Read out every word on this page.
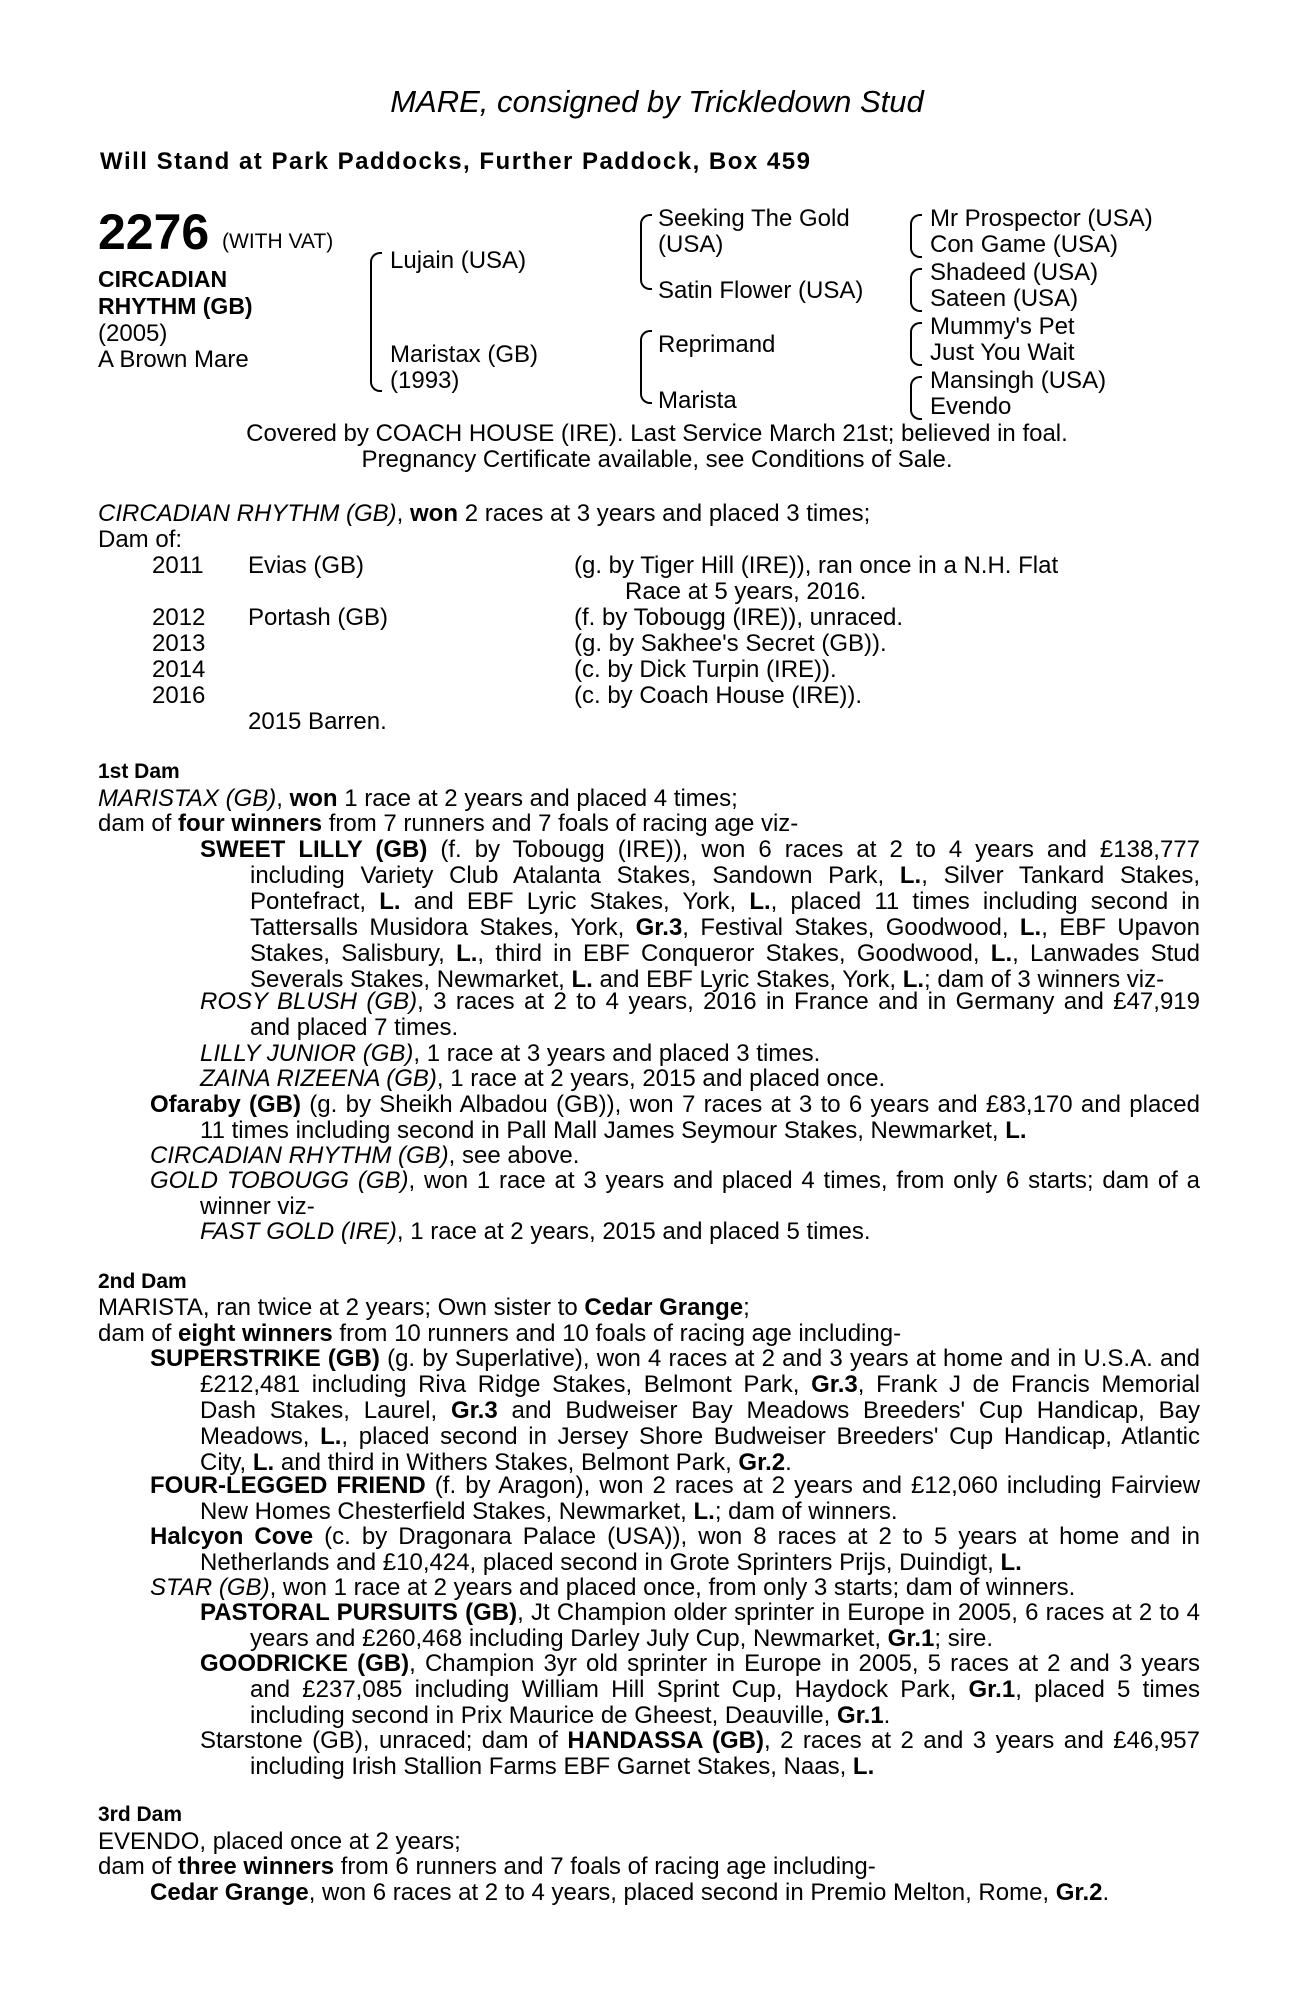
MARE, consigned by Trickledown Stud
Will Stand at Park Paddocks, Further Paddock, Box 459
2276 (WITH VAT)
CIRCADIAN
RHYTHM (GB)
(2005)
A Brown Mare
Lujain (USA)
Maristax (GB)
(1993)
Seeking The Gold
(USA)
Satin Flower (USA)
Reprimand
Marista
Mr Prospector (USA)
Con Game (USA)
Shadeed (USA)
Sateen (USA)
Mummy's Pet
Just You Wait
Mansingh (USA)
Evendo
Covered by COACH HOUSE (IRE). Last Service March 21st; believed in foal.
Pregnancy Certificate available, see Conditions of Sale.
CIRCADIAN RHYTHM (GB), won 2 races at 3 years and placed 3 times;
Dam of:
2011 Evias (GB)	(g. by Tiger Hill (IRE)), ran once in a N.H. Flat
Race at 5 years, 2016.
2012 Portash (GB)	(f. by Tobougg (IRE)), unraced.
2013	(g. by Sakhee's Secret (GB)).
2014	(c. by Dick Turpin (IRE)).
2016	(c. by Coach House (IRE)).
2015 Barren.
1st Dam
MARISTAX (GB), won 1 race at 2 years and placed 4 times;
dam of four winners from 7 runners and 7 foals of racing age viz-
SWEET LILLY (GB) (f. by Tobougg (IRE)), won 6 races at 2 to 4 years and £138,777 including Variety Club Atalanta Stakes, Sandown Park, L., Silver Tankard Stakes, Pontefract, L. and EBF Lyric Stakes, York, L., placed 11 times including second in Tattersalls Musidora Stakes, York, Gr.3, Festival Stakes, Goodwood, L., EBF Upavon Stakes, Salisbury, L., third in EBF Conqueror Stakes, Goodwood, L., Lanwades Stud Severals Stakes, Newmarket, L. and EBF Lyric Stakes, York, L.; dam of 3 winners viz-
ROSY BLUSH (GB), 3 races at 2 to 4 years, 2016 in France and in Germany and £47,919 and placed 7 times.
LILLY JUNIOR (GB), 1 race at 3 years and placed 3 times.
ZAINA RIZEENA (GB), 1 race at 2 years, 2015 and placed once.
Ofaraby (GB) (g. by Sheikh Albadou (GB)), won 7 races at 3 to 6 years and £83,170 and placed 11 times including second in Pall Mall James Seymour Stakes, Newmarket, L.
CIRCADIAN RHYTHM (GB), see above.
GOLD TOBOUGG (GB), won 1 race at 3 years and placed 4 times, from only 6 starts; dam of a winner viz-
FAST GOLD (IRE), 1 race at 2 years, 2015 and placed 5 times.
2nd Dam
MARISTA, ran twice at 2 years; Own sister to Cedar Grange;
dam of eight winners from 10 runners and 10 foals of racing age including-
SUPERSTRIKE (GB) (g. by Superlative), won 4 races at 2 and 3 years at home and in U.S.A. and £212,481 including Riva Ridge Stakes, Belmont Park, Gr.3, Frank J de Francis Memorial Dash Stakes, Laurel, Gr.3 and Budweiser Bay Meadows Breeders' Cup Handicap, Bay Meadows, L., placed second in Jersey Shore Budweiser Breeders' Cup Handicap, Atlantic City, L. and third in Withers Stakes, Belmont Park, Gr.2.
FOUR-LEGGED FRIEND (f. by Aragon), won 2 races at 2 years and £12,060 including Fairview New Homes Chesterfield Stakes, Newmarket, L.; dam of winners.
Halcyon Cove (c. by Dragonara Palace (USA)), won 8 races at 2 to 5 years at home and in Netherlands and £10,424, placed second in Grote Sprinters Prijs, Duindigt, L.
STAR (GB), won 1 race at 2 years and placed once, from only 3 starts; dam of winners.
PASTORAL PURSUITS (GB), Jt Champion older sprinter in Europe in 2005, 6 races at 2 to 4 years and £260,468 including Darley July Cup, Newmarket, Gr.1; sire.
GOODRICKE (GB), Champion 3yr old sprinter in Europe in 2005, 5 races at 2 and 3 years and £237,085 including William Hill Sprint Cup, Haydock Park, Gr.1, placed 5 times including second in Prix Maurice de Gheest, Deauville, Gr.1.
Starstone (GB), unraced; dam of HANDASSA (GB), 2 races at 2 and 3 years and £46,957 including Irish Stallion Farms EBF Garnet Stakes, Naas, L.
3rd Dam
EVENDO, placed once at 2 years;
dam of three winners from 6 runners and 7 foals of racing age including-
Cedar Grange, won 6 races at 2 to 4 years, placed second in Premio Melton, Rome, Gr.2.
